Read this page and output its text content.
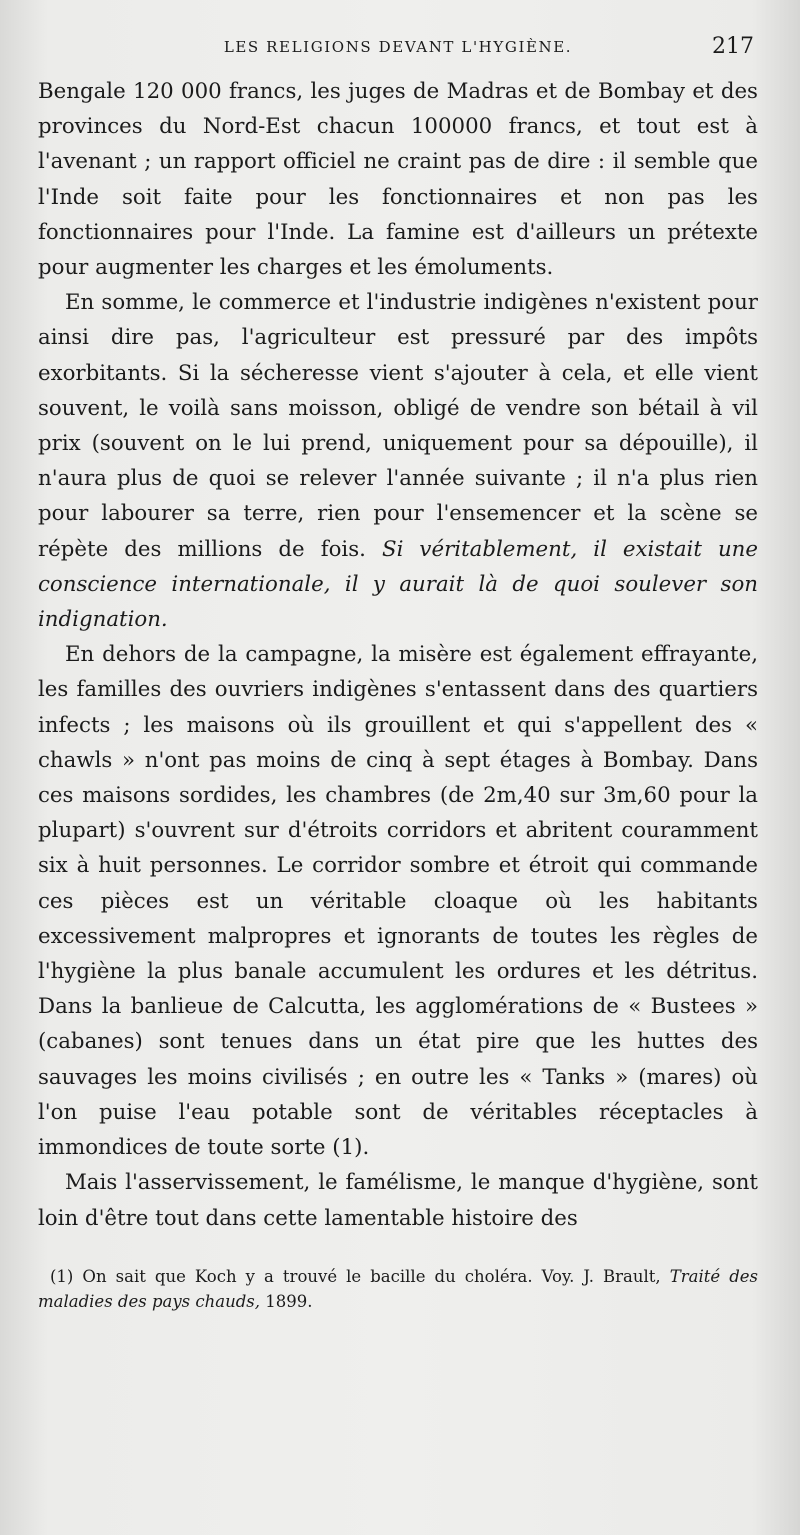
LES RELIGIONS DEVANT L'HYGIÈNE.	217

Bengale 120 000 francs, les juges de Madras et de Bombay et des provinces du Nord-Est chacun 100000 francs, et tout est à l'avenant ; un rapport officiel ne craint pas de dire : il semble que l'Inde soit faite pour les fonctionnaires et non pas les fonctionnaires pour l'Inde. La famine est d'ailleurs un prétexte pour augmenter les charges et les émoluments.

En somme, le commerce et l'industrie indigènes n'existent pour ainsi dire pas, l'agriculteur est pressuré par des impôts exorbitants. Si la sécheresse vient s'ajouter à cela, et elle vient souvent, le voilà sans moisson, obligé de vendre son bétail à vil prix (souvent on le lui prend, uniquement pour sa dépouille), il n'aura plus de quoi se relever l'année suivante ; il n'a plus rien pour labourer sa terre, rien pour l'ensemencer et la scène se répète des millions de fois. Si véritablement, il existait une conscience internationale, il y aurait là de quoi soulever son indignation.

En dehors de la campagne, la misère est également effrayante, les familles des ouvriers indigènes s'entassent dans des quartiers infects ; les maisons où ils grouillent et qui s'appellent des « chawls » n'ont pas moins de cinq à sept étages à Bombay. Dans ces maisons sordides, les chambres (de 2m,40 sur 3m,60 pour la plupart) s'ouvrent sur d'étroits corridors et abritent couramment six à huit personnes. Le corridor sombre et étroit qui commande ces pièces est un véritable cloaque où les habitants excessivement malpropres et ignorants de toutes les règles de l'hygiène la plus banale accumulent les ordures et les détritus. Dans la banlieue de Calcutta, les agglomérations de « Bustees » (cabanes) sont tenues dans un état pire que les huttes des sauvages les moins civilisés ; en outre les « Tanks » (mares) où l'on puise l'eau potable sont de véritables réceptacles à immondices de toute sorte (1).

Mais l'asservissement, le famélisme, le manque d'hygiène, sont loin d'être tout dans cette lamentable histoire des

(1) On sait que Koch y a trouvé le bacille du choléra. Voy. J. Brault, Traité des maladies des pays chauds, 1899.
